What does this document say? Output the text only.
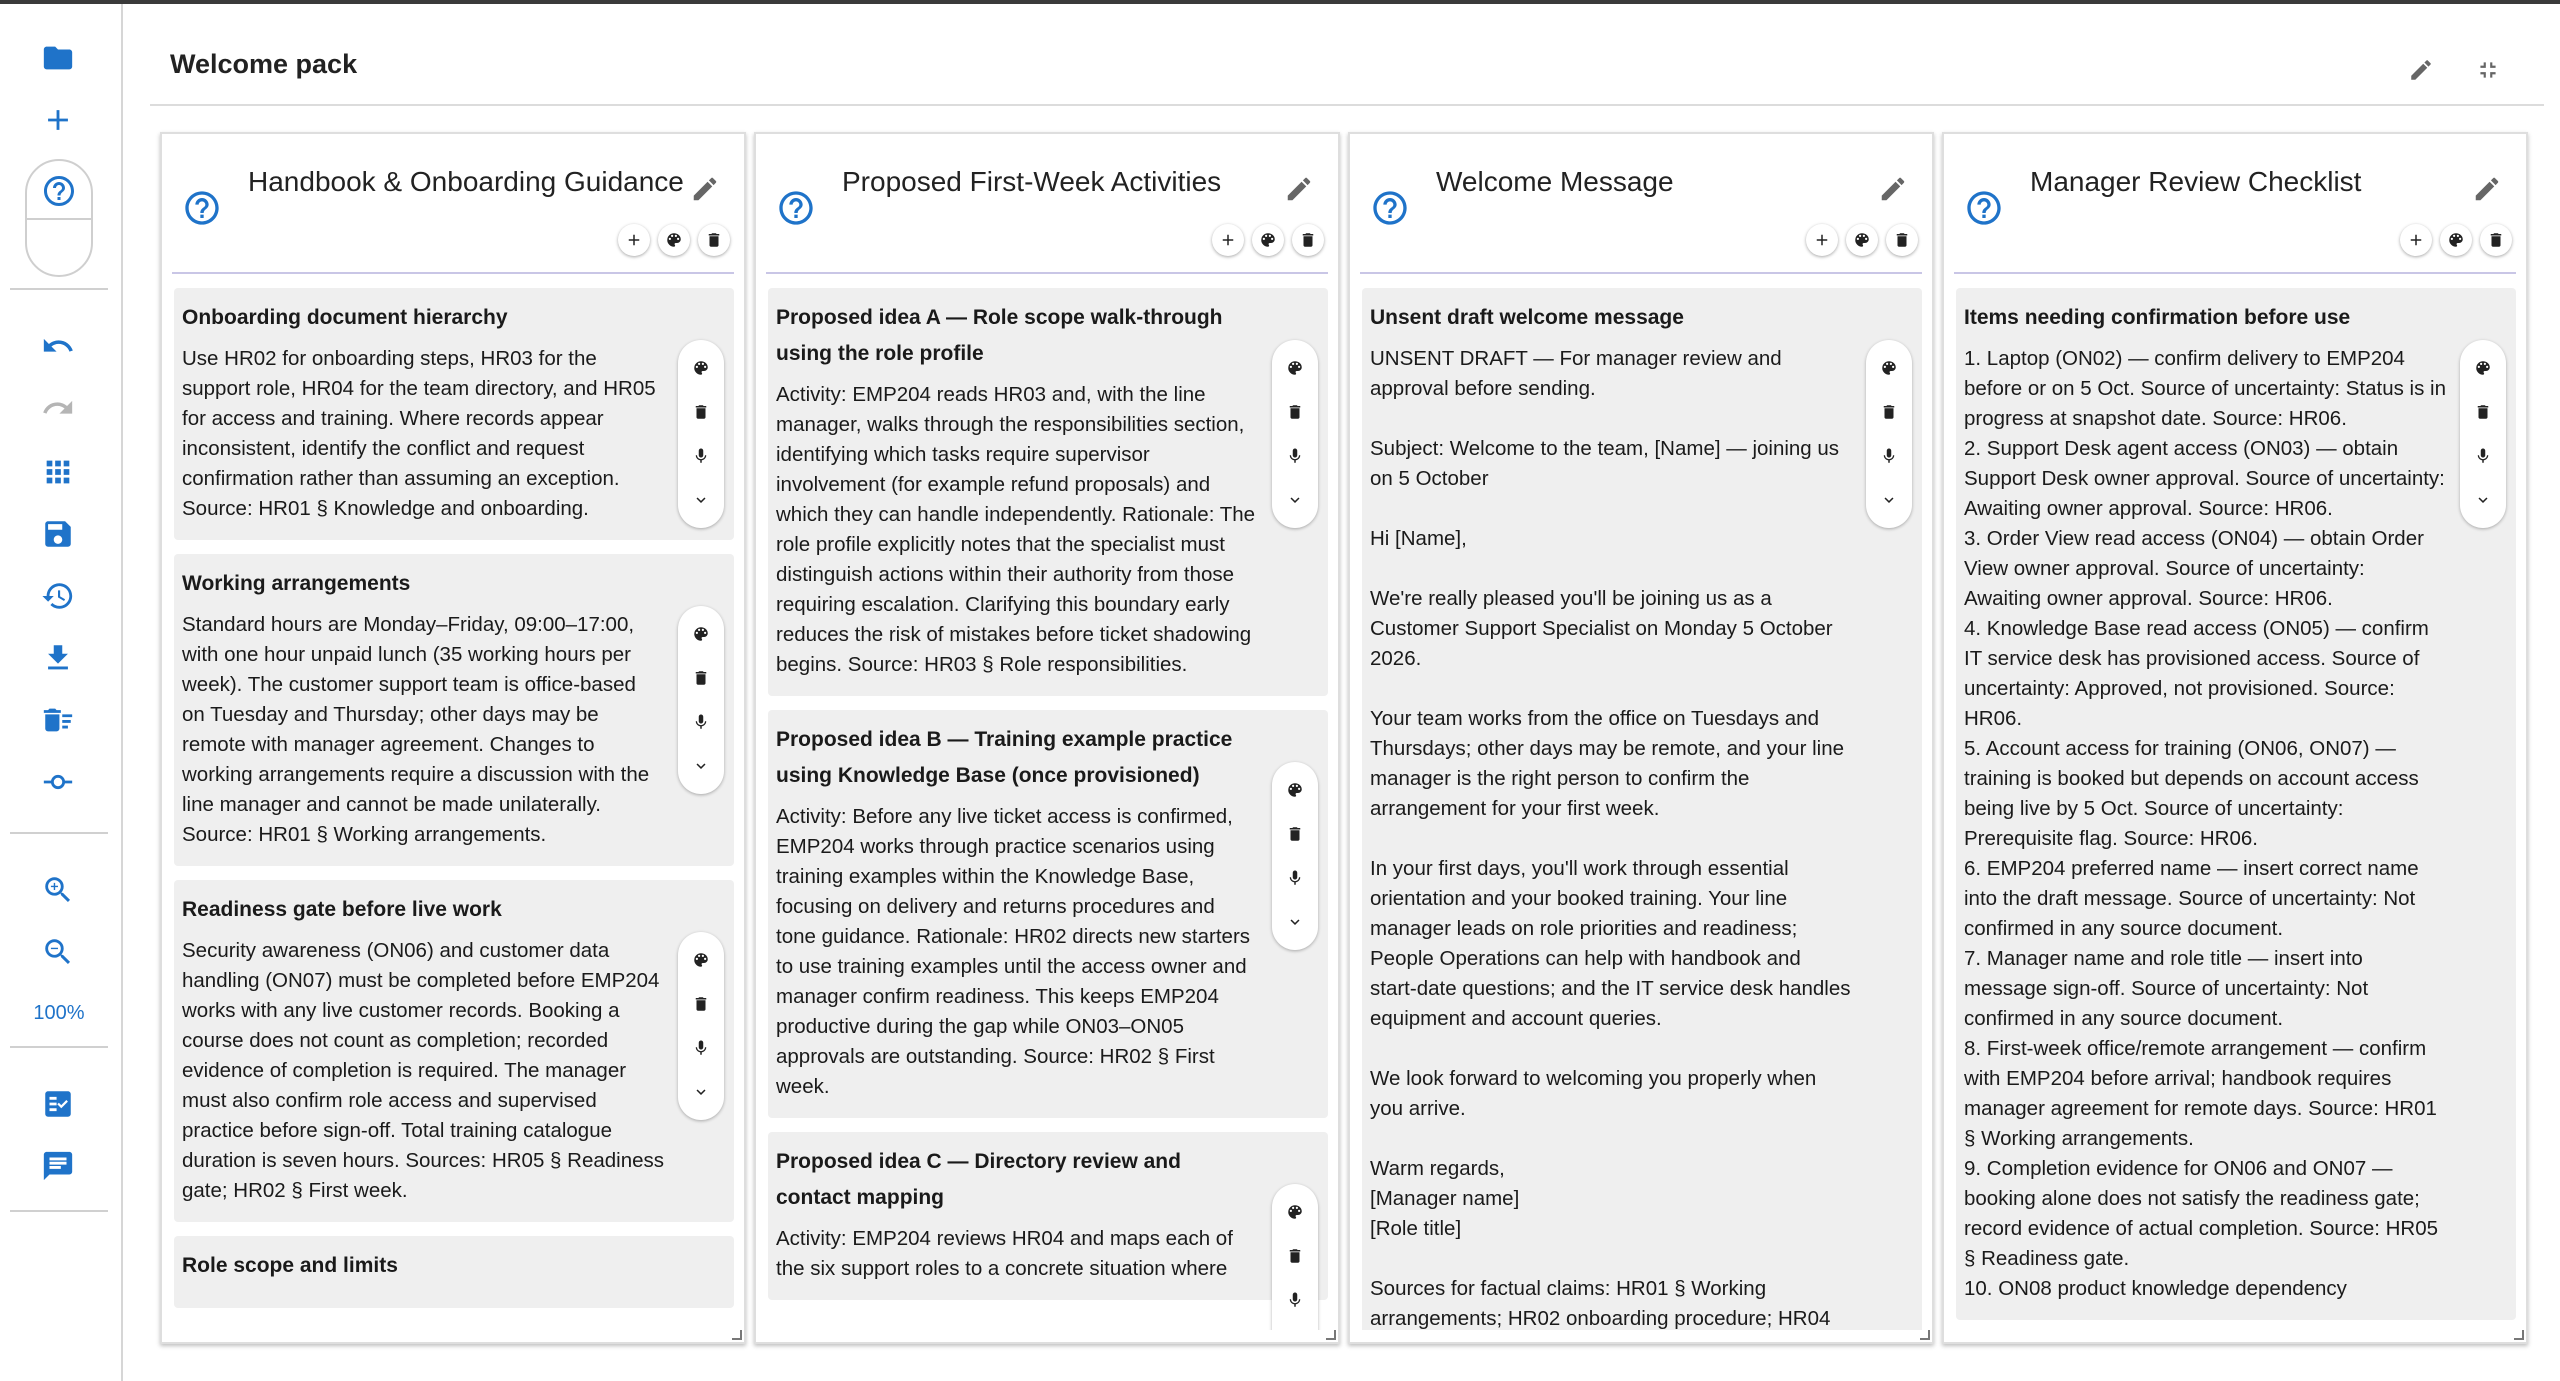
100%
Welcome pack
Handbook & Onboarding Guidance
Onboarding document hierarchy
Use HR02 for onboarding steps, HR03 for the support role, HR04 for the team directory, and HR05 for access and training. Where records appear inconsistent, identify the conflict and request confirmation rather than assuming an exception. Source: HR01 § Knowledge and onboarding.
Working arrangements
Standard hours are Monday–Friday, 09:00–17:00, with one hour unpaid lunch (35 working hours per week). The customer support team is office-based on Tuesday and Thursday; other days may be remote with manager agreement. Changes to working arrangements require a discussion with the line manager and cannot be made unilaterally. Source: HR01 § Working arrangements.
Readiness gate before live work
Security awareness (ON06) and customer data handling (ON07) must be completed before EMP204 works with any live customer records. Booking a course does not count as completion; recorded evidence of completion is required. The manager must also confirm role access and supervised practice before sign-off. Total training catalogue duration is seven hours. Sources: HR05 § Readiness gate; HR02 § First week.
Role scope and limits
Proposed First-Week Activities
Proposed idea A — Role scope walk-through using the role profile
Activity: EMP204 reads HR03 and, with the line manager, walks through the responsibilities section, identifying which tasks require supervisor involvement (for example refund proposals) and which they can handle independently. Rationale: The role profile explicitly notes that the specialist must distinguish actions within their authority from those requiring escalation. Clarifying this boundary early reduces the risk of mistakes before ticket shadowing begins. Source: HR03 § Role responsibilities.
Proposed idea B — Training example practice using Knowledge Base (once provisioned)
Activity: Before any live ticket access is confirmed, EMP204 works through practice scenarios using training examples within the Knowledge Base, focusing on delivery and returns procedures and tone guidance. Rationale: HR02 directs new starters to use training examples until the access owner and manager confirm readiness. This keeps EMP204 productive during the gap while ON03–ON05 approvals are outstanding. Source: HR02 § First week.
Proposed idea C — Directory review and contact mapping
Activity: EMP204 reviews HR04 and maps each of the six support roles to a concrete situation where
Welcome Message
Unsent draft welcome message
UNSENT DRAFT — For manager review and approval before sending.

Subject: Welcome to the team, [Name] — joining us on 5 October

Hi [Name],

We're really pleased you'll be joining us as a Customer Support Specialist on Monday 5 October 2026.

Your team works from the office on Tuesdays and Thursdays; other days may be remote, and your line manager is the right person to confirm the arrangement for your first week.

In your first days, you'll work through essential orientation and your booked training. Your line manager leads on role priorities and readiness; People Operations can help with handbook and start-date questions; and the IT service desk handles equipment and account queries.

We look forward to welcoming you properly when you arrive.

Warm regards,
[Manager name]
[Role title]

Sources for factual claims: HR01 § Working arrangements; HR02 onboarding procedure; HR04
Manager Review Checklist
Items needing confirmation before use
1. Laptop (ON02) — confirm delivery to EMP204 before or on 5 Oct. Source of uncertainty: Status is in progress at snapshot date. Source: HR06.
2. Support Desk agent access (ON03) — obtain Support Desk owner approval. Source of uncertainty: Awaiting owner approval. Source: HR06.
3. Order View read access (ON04) — obtain Order View owner approval. Source of uncertainty: Awaiting owner approval. Source: HR06.
4. Knowledge Base read access (ON05) — confirm IT service desk has provisioned access. Source of uncertainty: Approved, not provisioned. Source: HR06.
5. Account access for training (ON06, ON07) — training is booked but depends on account access being live by 5 Oct. Source of uncertainty: Prerequisite flag. Source: HR06.
6. EMP204 preferred name — insert correct name into the draft message. Source of uncertainty: Not confirmed in any source document.
7. Manager name and role title — insert into message sign-off. Source of uncertainty: Not confirmed in any source document.
8. First-week office/remote arrangement — confirm with EMP204 before arrival; handbook requires manager agreement for remote days. Source: HR01 § Working arrangements.
9. Completion evidence for ON06 and ON07 — booking alone does not satisfy the readiness gate; record evidence of actual completion. Source: HR05 § Readiness gate.
10. ON08 product knowledge dependency
